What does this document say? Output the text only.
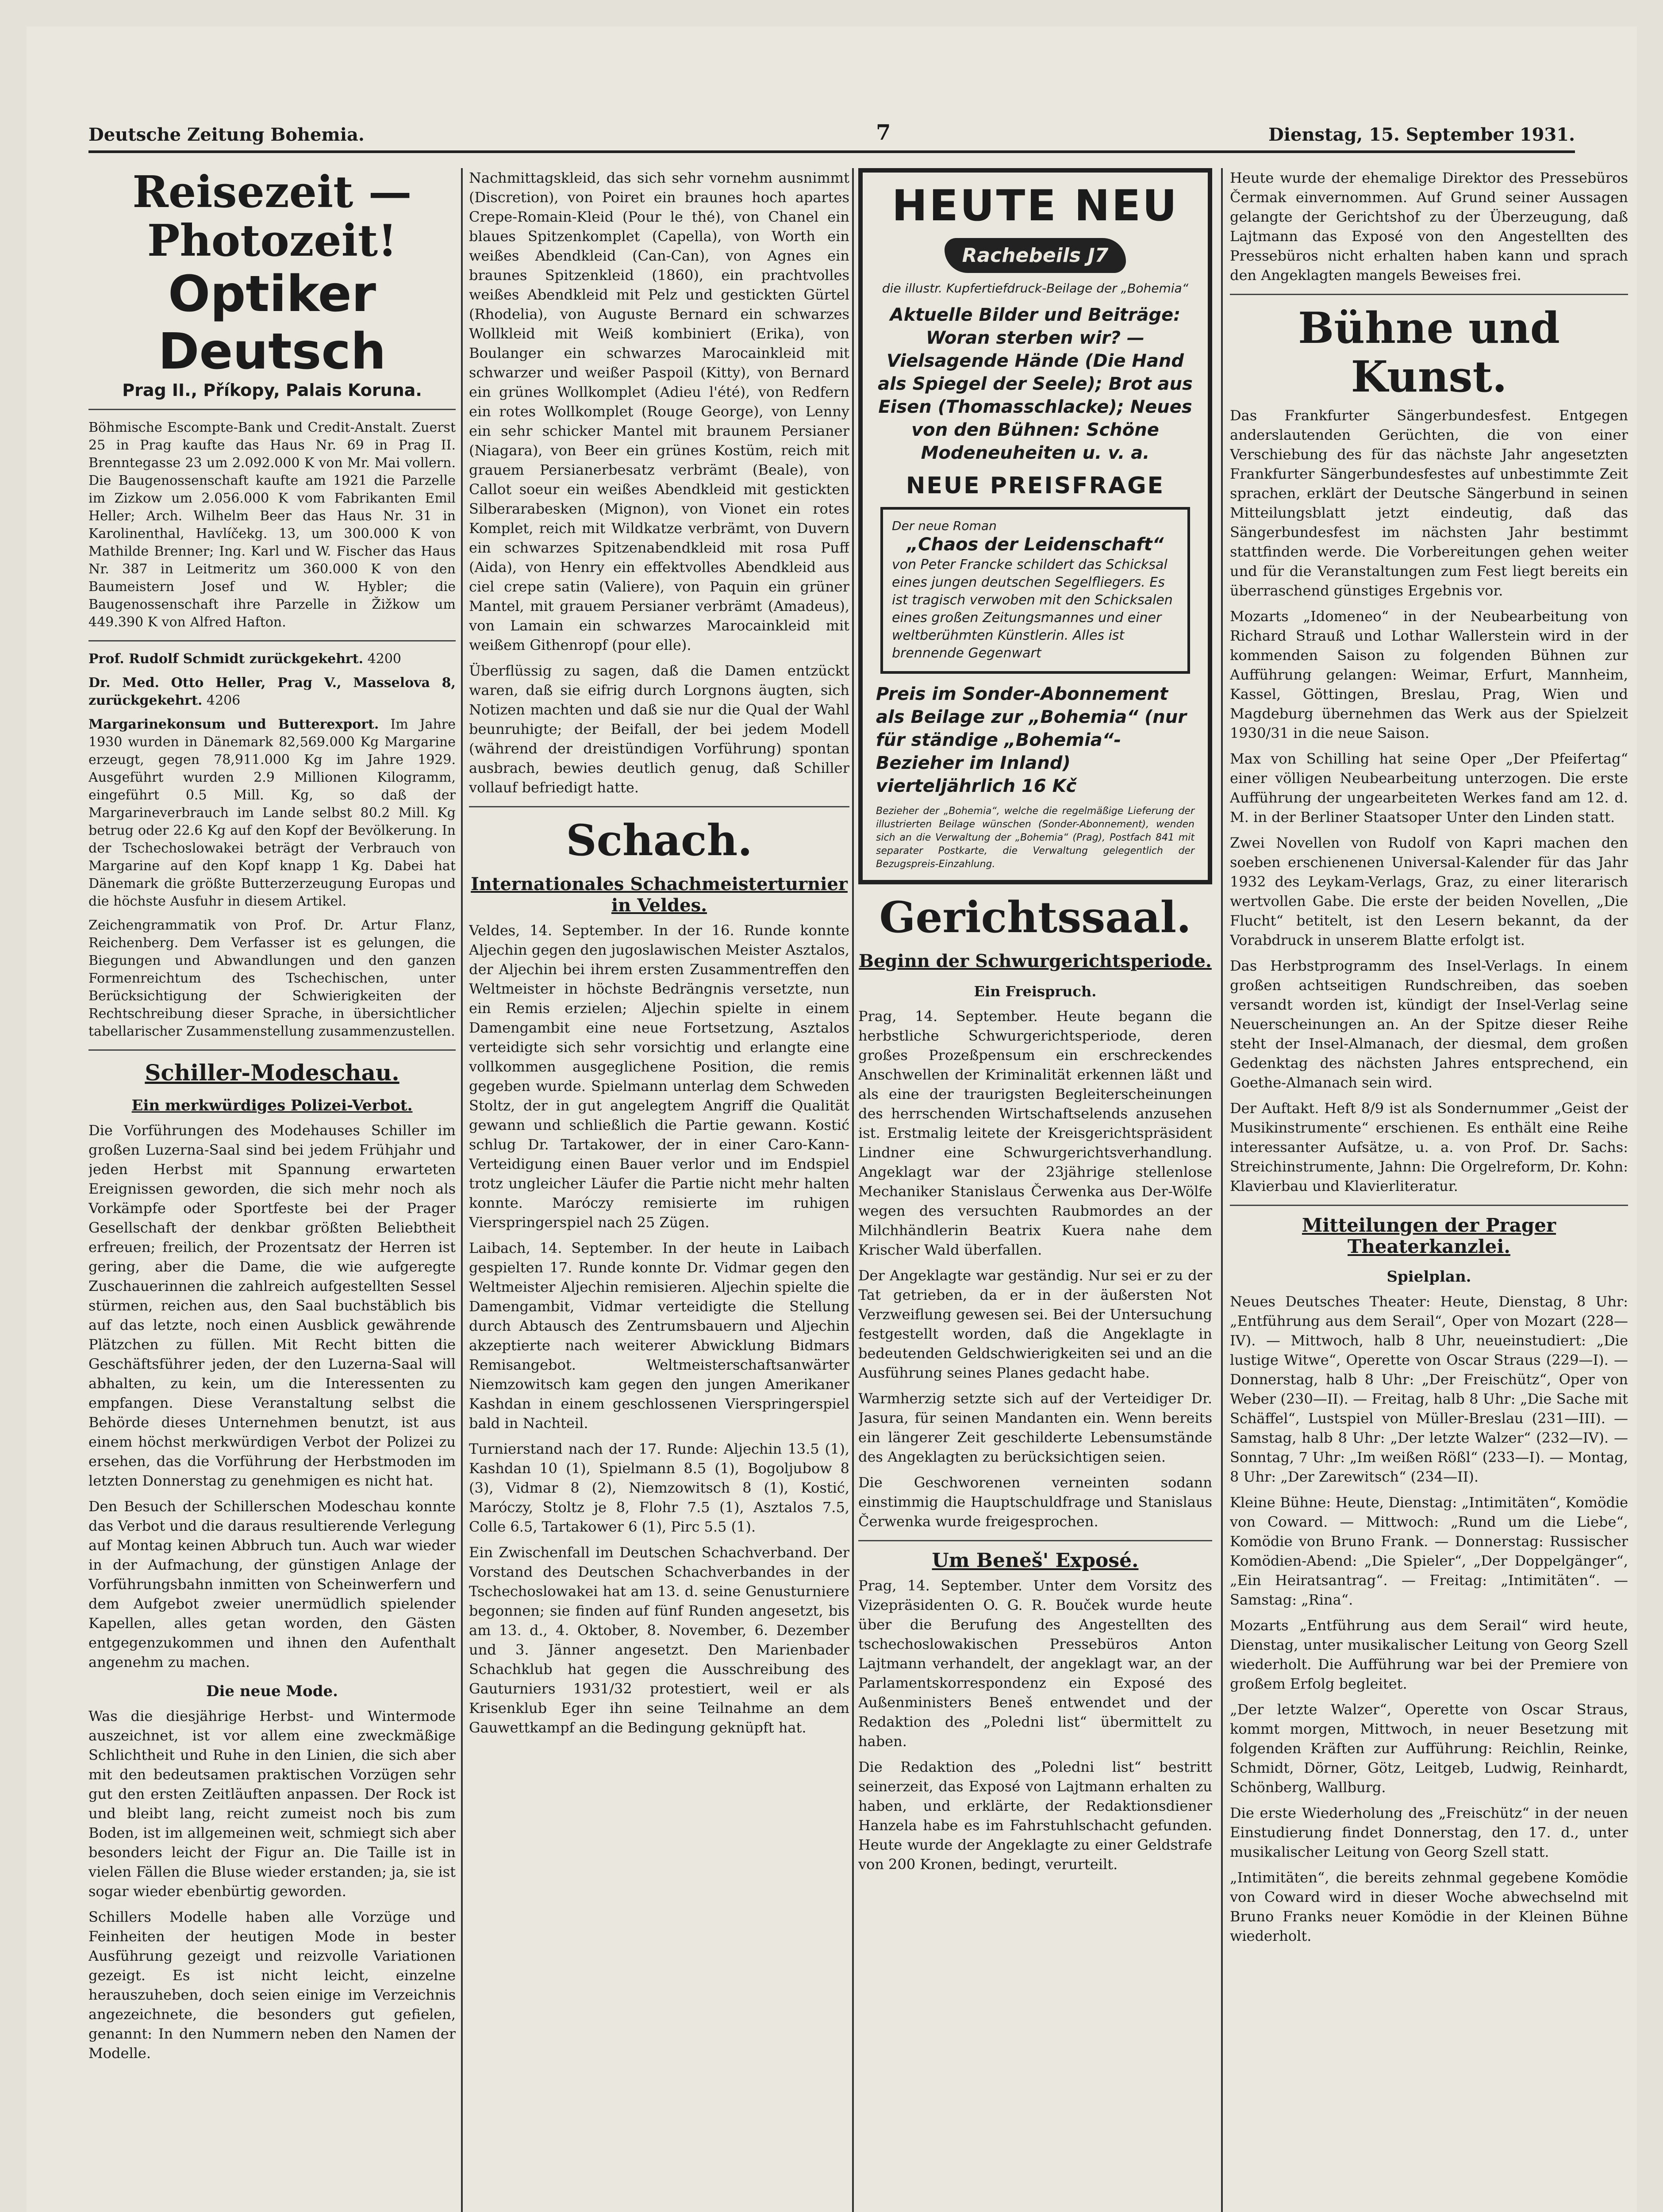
Deutsche Zeitung Bohemia.	7	Dienstag, 15. September 1931.
Reisezeit — Photozeit!
Optiker Deutsch
Prag II., Příkopy, Palais Koruna.

Böhmische Escompte-Bank und Credit-Anstalt. Zuerst 25 in Prag kaufte das Haus Nr. 69 in Prag II. Brenntegasse 23 um 2.092.000 K von Mr. Mai vollern. Die Baugenossenschaft kaufte am 1921 die Parzelle im Zizkow um 2.056.000 K vom Fabrikanten Emil Heller; Arch. Wilhelm Beer das Haus Nr. 31 in Karolinenthal, Havlíčekg. 13, um 300.000 K von Mathilde Brenner; Ing. Karl und W. Fischer das Haus Nr. 387 in Leitmeritz um 360.000 K von den Baumeistern Josef und W. Hybler; die Baugenossenschaft ihre Parzelle in Žižkow um 449.390 K von Alfred Hafton.

Prof. Rudolf Schmidt zurückgekehrt. 4200

Dr. Med. Otto Heller, Prag V., Masselova 8, zurückgekehrt. 4206

Margarinekonsum und Butterexport. Im Jahre 1930 wurden in Dänemark 82,569.000 Kg Margarine erzeugt, gegen 78,911.000 Kg im Jahre 1929. Ausgeführt wurden 2.9 Millionen Kilogramm, eingeführt 0.5 Mill. Kg, so daß der Margarineverbrauch im Lande selbst 80.2 Mill. Kg betrug oder 22.6 Kg auf den Kopf der Bevölkerung. In der Tschechoslowakei beträgt der Verbrauch von Margarine auf den Kopf knapp 1 Kg. Dabei hat Dänemark die größte Butterzerzeugung Europas und die höchste Ausfuhr in diesem Artikel.

Zeichengrammatik von Prof. Dr. Artur Flanz, Reichenberg. Dem Verfasser ist es gelungen, die Biegungen und Abwandlungen und den ganzen Formenreichtum des Tschechischen, unter Berücksichtigung der Schwierigkeiten der Rechtschreibung dieser Sprache, in übersichtlicher tabellarischer Zusammenstellung zusammenzustellen.

Schiller-Modeschau.
Ein merkwürdiges Polizei-Verbot.

Die Vorführungen des Modehauses Schiller im großen Luzerna-Saal sind bei jedem Frühjahr und jeden Herbst mit Spannung erwarteten Ereignissen geworden, die sich mehr noch als Vorkämpfe oder Sportfeste bei der Prager Gesellschaft der denkbar größten Beliebtheit erfreuen; freilich, der Prozentsatz der Herren ist gering, aber die Dame, die wie aufgeregte Zuschauerinnen die zahlreich aufgestellten Sessel stürmen, reichen aus, den Saal buchstäblich bis auf das letzte, noch einen Ausblick gewährende Plätzchen zu füllen. Mit Recht bitten die Geschäftsführer jeden, der den Luzerna-Saal will abhalten, zu kein, um die Interessenten zu empfangen. Diese Veranstaltung selbst die Behörde dieses Unternehmen benutzt, ist aus einem höchst merkwürdigen Verbot der Polizei zu ersehen, das die Vorführung der Herbstmoden im letzten Donnerstag zu genehmigen es nicht hat.

Den Besuch der Schillerschen Modeschau konnte das Verbot und die daraus resultierende Verlegung auf Montag keinen Abbruch tun. Auch war wieder in der Aufmachung, der günstigen Anlage der Vorführungsbahn inmitten von Scheinwerfern und dem Aufgebot zweier unermüdlich spielender Kapellen, alles getan worden, den Gästen entgegenzukommen und ihnen den Aufenthalt angenehm zu machen.

Die neue Mode.

Was die diesjährige Herbst- und Wintermode auszeichnet, ist vor allem eine zweckmäßige Schlichtheit und Ruhe in den Linien, die sich aber mit den bedeutsamen praktischen Vorzügen sehr gut den ersten Zeitläuften anpassen. Der Rock ist und bleibt lang, reicht zumeist noch bis zum Boden, ist im allgemeinen weit, schmiegt sich aber besonders leicht der Figur an. Die Taille ist in vielen Fällen die Bluse wieder erstanden; ja, sie ist sogar wieder ebenbürtig geworden.

Schillers Modelle haben alle Vorzüge und Feinheiten der heutigen Mode in bester Ausführung gezeigt und reizvolle Variationen gezeigt. Es ist nicht leicht, einzelne herauszuheben, doch seien einige im Verzeichnis angezeichnete, die besonders gut gefielen, genannt: In den Nummern neben den Namen der Modelle.

Nachmittagskleid, das sich sehr vornehm ausnimmt (Discretion), von Poiret ein braunes hoch apartes Crepe-Romain-Kleid (Pour le thé), von Chanel ein blaues Spitzenkomplet (Capella), von Worth ein weißes Abendkleid (Can-Can), von Agnes ein braunes Spitzenkleid (1860), ein prachtvolles weißes Abendkleid mit Pelz und gestickten Gürtel (Rhodelia), von Auguste Bernard ein schwarzes Wollkleid mit Weiß kombiniert (Erika), von Boulanger ein schwarzes Marocainkleid mit schwarzer und weißer Paspoil (Kitty), von Bernard ein grünes Wollkomplet (Adieu l'été), von Redfern ein rotes Wollkomplet (Rouge George), von Lenny ein sehr schicker Mantel mit braunem Persianer (Niagara), von Beer ein grünes Kostüm, reich mit grauem Persianerbesatz verbrämt (Beale), von Callot soeur ein weißes Abendkleid mit gestickten Silberarabesken (Mignon), von Vionet ein rotes Komplet, reich mit Wildkatze verbrämt, von Duvern ein schwarzes Spitzenabendkleid mit rosa Puff (Aida), von Henry ein effektvolles Abendkleid aus ciel crepe satin (Valiere), von Paquin ein grüner Mantel, mit grauem Persianer verbrämt (Amadeus), von Lamain ein schwarzes Marocainkleid mit weißem Githenropf (pour elle).

Überflüssig zu sagen, daß die Damen entzückt waren, daß sie eifrig durch Lorgnons äugten, sich Notizen machten und daß sie nur die Qual der Wahl beunruhigte; der Beifall, der bei jedem Modell (während der dreistündigen Vorführung) spontan ausbrach, bewies deutlich genug, daß Schiller vollauf befriedigt hatte.

Schach.
Internationales Schachmeisterturnier in Veldes.

Veldes, 14. September. In der 16. Runde konnte Aljechin gegen den jugoslawischen Meister Asztalos, der Aljechin bei ihrem ersten Zusammentreffen den Weltmeister in höchste Bedrängnis versetzte, nun ein Remis erzielen; Aljechin spielte in einem Damengambit eine neue Fortsetzung, Asztalos verteidigte sich sehr vorsichtig und erlangte eine vollkommen ausgeglichene Position, die remis gegeben wurde. Spielmann unterlag dem Schweden Stoltz, der in gut angelegtem Angriff die Qualität gewann und schließlich die Partie gewann. Kostić schlug Dr. Tartakower, der in einer Caro-Kann-Verteidigung einen Bauer verlor und im Endspiel trotz ungleicher Läufer die Partie nicht mehr halten konnte. Maróczy remisierte im ruhigen Vierspringerspiel nach 25 Zügen.

Laibach, 14. September. In der heute in Laibach gespielten 17. Runde konnte Dr. Vidmar gegen den Weltmeister Aljechin remisieren. Aljechin spielte die Damengambit, Vidmar verteidigte die Stellung durch Abtausch des Zentrumsbauern und Aljechin akzeptierte nach weiterer Abwicklung Bidmars Remisangebot. Weltmeisterschaftsanwärter Niemzowitsch kam gegen den jungen Amerikaner Kashdan in einem geschlossenen Vierspringerspiel bald in Nachteil.

Turnierstand nach der 17. Runde: Aljechin 13.5 (1), Kashdan 10 (1), Spielmann 8.5 (1), Bogoljubow 8 (3), Vidmar 8 (2), Niemzowitsch 8 (1), Kostić, Maróczy, Stoltz je 8, Flohr 7.5 (1), Asztalos 7.5, Colle 6.5, Tartakower 6 (1), Pirc 5.5 (1).

Ein Zwischenfall im Deutschen Schachverband. Der Vorstand des Deutschen Schachverbandes in der Tschechoslowakei hat am 13. d. seine Genusturniere begonnen; sie finden auf fünf Runden angesetzt, bis am 13. d., 4. Oktober, 8. November, 6. Dezember und 3. Jänner angesetzt. Den Marienbader Schachklub hat gegen die Ausschreibung des Gauturniers 1931/32 protestiert, weil er als Krisenklub Eger ihn seine Teilnahme an dem Gauwettkampf an die Bedingung geknüpft hat.

HEUTE NEU
Rachebeils J7
die illustr. Kupfertiefdruck-Beilage der „Bohemia“
Aktuelle Bilder und Beiträge: Woran sterben wir? — Vielsagende Hände (Die Hand als Spiegel der Seele); Brot aus Eisen (Thomasschlacke); Neues von den Bühnen: Schöne Modeneuheiten u. v. a.
NEUE PREISFRAGE
Der neue Roman
„Chaos der Leidenschaft“
von Peter Francke schildert das Schicksal eines jungen deutschen Segelfliegers. Es ist tragisch verwoben mit den Schicksalen eines großen Zeitungsmannes und einer weltberühmten Künstlerin. Alles ist brennende Gegenwart
Preis im Sonder-Abonnement als Beilage zur „Bohemia“ (nur für ständige „Bohemia“-Bezieher im Inland) vierteljährlich 16 Kč
Bezieher der „Bohemia“, welche die regelmäßige Lieferung der illustrierten Beilage wünschen (Sonder-Abonnement), wenden sich an die Verwaltung der „Bohemia“ (Prag), Postfach 841 mit separater Postkarte, die Verwaltung gelegentlich der Bezugspreis-Einzahlung.
Gerichtssaal.
Beginn der Schwurgerichtsperiode.
Ein Freispruch.

Prag, 14. September. Heute begann die herbstliche Schwurgerichtsperiode, deren großes Prozeßpensum ein erschreckendes Anschwellen der Kriminalität erkennen läßt und als eine der traurigsten Begleiterscheinungen des herrschenden Wirtschaftselends anzusehen ist. Erstmalig leitete der Kreisgerichtspräsident Lindner eine Schwurgerichtsverhandlung. Angeklagt war der 23jährige stellenlose Mechaniker Stanislaus Čerwenka aus Der-Wölfe wegen des versuchten Raubmordes an der Milchhändlerin Beatrix Kuera nahe dem Krischer Wald überfallen.

Der Angeklagte war geständig. Nur sei er zu der Tat getrieben, da er in der äußersten Not Verzweiflung gewesen sei. Bei der Untersuchung festgestellt worden, daß die Angeklagte in bedeutenden Geldschwierigkeiten sei und an die Ausführung seines Planes gedacht habe.

Warmherzig setzte sich auf der Verteidiger Dr. Jasura, für seinen Mandanten ein. Wenn bereits ein längerer Zeit geschilderte Lebensumstände des Angeklagten zu berücksichtigen seien.

Die Geschworenen verneinten sodann einstimmig die Hauptschuldfrage und Stanislaus Čerwenka wurde freigesprochen.

Um Beneš' Exposé.

Prag, 14. September. Unter dem Vorsitz des Vizepräsidenten O. G. R. Bouček wurde heute über die Berufung des Angestellten des tschechoslowakischen Pressebüros Anton Lajtmann verhandelt, der angeklagt war, an der Parlamentskorrespondenz ein Exposé des Außenministers Beneš entwendet und der Redaktion des „Poledni list“ übermittelt zu haben.

Die Redaktion des „Poledni list“ bestritt seinerzeit, das Exposé von Lajtmann erhalten zu haben, und erklärte, der Redaktionsdiener Hanzela habe es im Fahrstuhlschacht gefunden. Heute wurde der Angeklagte zu einer Geldstrafe von 200 Kronen, bedingt, verurteilt.

Heute wurde der ehemalige Direktor des Pressebüros Čermak einvernommen. Auf Grund seiner Aussagen gelangte der Gerichtshof zu der Überzeugung, daß Lajtmann das Exposé von den Angestellten des Pressebüros nicht erhalten haben kann und sprach den Angeklagten mangels Beweises frei.

Bühne und Kunst.

Das Frankfurter Sängerbundesfest. Entgegen anderslautenden Gerüchten, die von einer Verschiebung des für das nächste Jahr angesetzten Frankfurter Sängerbundesfestes auf unbestimmte Zeit sprachen, erklärt der Deutsche Sängerbund in seinen Mitteilungsblatt jetzt eindeutig, daß das Sängerbundesfest im nächsten Jahr bestimmt stattfinden werde. Die Vorbereitungen gehen weiter und für die Veranstaltungen zum Fest liegt bereits ein überraschend günstiges Ergebnis vor.

Mozarts „Idomeneo“ in der Neubearbeitung von Richard Strauß und Lothar Wallerstein wird in der kommenden Saison zu folgenden Bühnen zur Aufführung gelangen: Weimar, Erfurt, Mannheim, Kassel, Göttingen, Breslau, Prag, Wien und Magdeburg übernehmen das Werk aus der Spielzeit 1930/31 in die neue Saison.

Max von Schilling hat seine Oper „Der Pfeifertag“ einer völligen Neubearbeitung unterzogen. Die erste Aufführung der ungearbeiteten Werkes fand am 12. d. M. in der Berliner Staatsoper Unter den Linden statt.

Zwei Novellen von Rudolf von Kapri machen den soeben erschienenen Universal-Kalender für das Jahr 1932 des Leykam-Verlags, Graz, zu einer literarisch wertvollen Gabe. Die erste der beiden Novellen, „Die Flucht“ betitelt, ist den Lesern bekannt, da der Vorabdruck in unserem Blatte erfolgt ist.

Das Herbstprogramm des Insel-Verlags. In einem großen achtseitigen Rundschreiben, das soeben versandt worden ist, kündigt der Insel-Verlag seine Neuerscheinungen an. An der Spitze dieser Reihe steht der Insel-Almanach, der diesmal, dem großen Gedenktag des nächsten Jahres entsprechend, ein Goethe-Almanach sein wird.

Der Auftakt. Heft 8/9 ist als Sondernummer „Geist der Musikinstrumente“ erschienen. Es enthält eine Reihe interessanter Aufsätze, u. a. von Prof. Dr. Sachs: Streichinstrumente, Jahnn: Die Orgelreform, Dr. Kohn: Klavierbau und Klavierliteratur.

Mitteilungen der Prager Theaterkanzlei.
Spielplan.

Neues Deutsches Theater: Heute, Dienstag, 8 Uhr: „Entführung aus dem Serail“, Oper von Mozart (228—IV). — Mittwoch, halb 8 Uhr, neueinstudiert: „Die lustige Witwe“, Operette von Oscar Straus (229—I). — Donnerstag, halb 8 Uhr: „Der Freischütz“, Oper von Weber (230—II). — Freitag, halb 8 Uhr: „Die Sache mit Schäffel“, Lustspiel von Müller-Breslau (231—III). — Samstag, halb 8 Uhr: „Der letzte Walzer“ (232—IV). — Sonntag, 7 Uhr: „Im weißen Rößl“ (233—I). — Montag, 8 Uhr: „Der Zarewitsch“ (234—II).

Kleine Bühne: Heute, Dienstag: „Intimitäten“, Komödie von Coward. — Mittwoch: „Rund um die Liebe“, Komödie von Bruno Frank. — Donnerstag: Russischer Komödien-Abend: „Die Spieler“, „Der Doppelgänger“, „Ein Heiratsantrag“. — Freitag: „Intimitäten“. — Samstag: „Rina“.

Mozarts „Entführung aus dem Serail“ wird heute, Dienstag, unter musikalischer Leitung von Georg Szell wiederholt. Die Aufführung war bei der Premiere von großem Erfolg begleitet.

„Der letzte Walzer“, Operette von Oscar Straus, kommt morgen, Mittwoch, in neuer Besetzung mit folgenden Kräften zur Aufführung: Reichlin, Reinke, Schmidt, Dörner, Götz, Leitgeb, Ludwig, Reinhardt, Schönberg, Wallburg.

Die erste Wiederholung des „Freischütz“ in der neuen Einstudierung findet Donnerstag, den 17. d., unter musikalischer Leitung von Georg Szell statt.

„Intimitäten“, die bereits zehnmal gegebene Komödie von Coward wird in dieser Woche abwechselnd mit Bruno Franks neuer Komödie in der Kleinen Bühne wiederholt.
